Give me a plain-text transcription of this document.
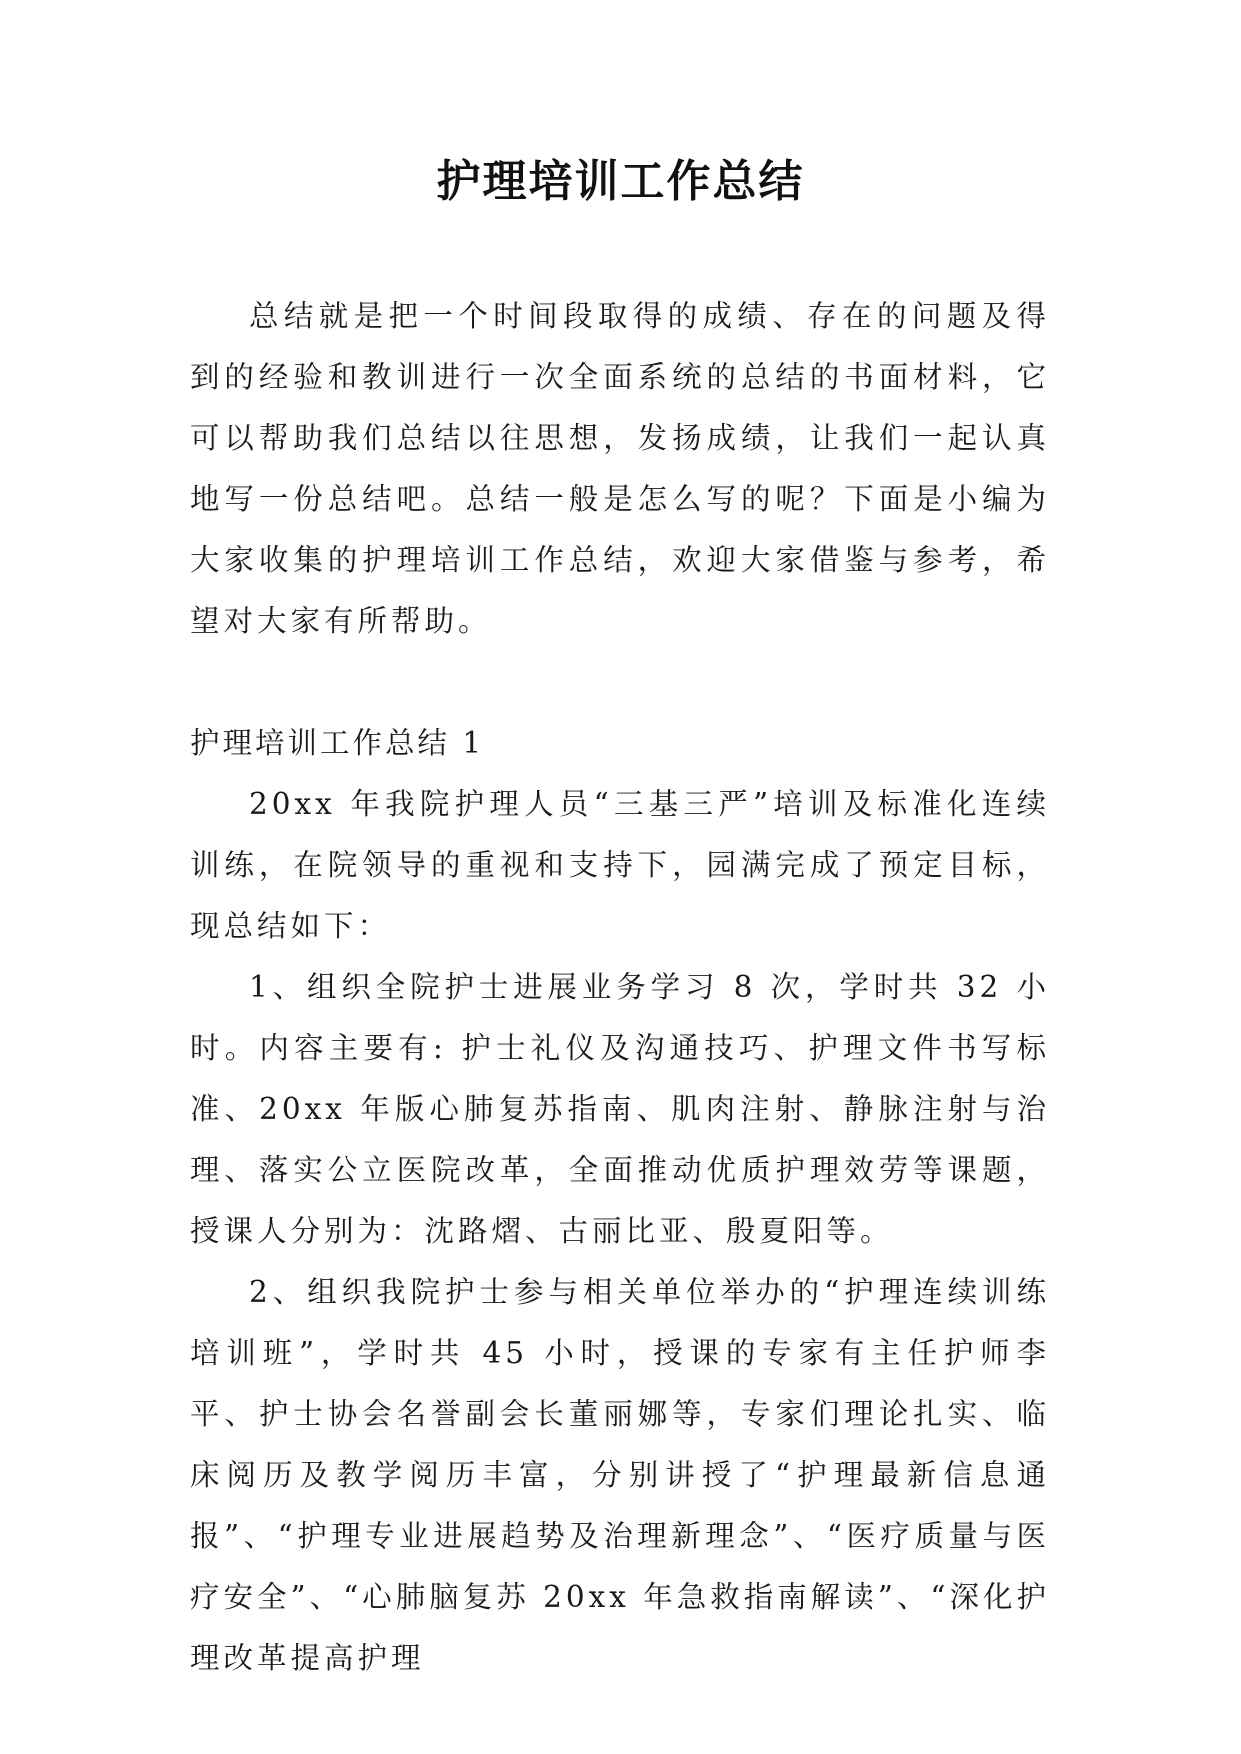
护理培训工作总结

总结就是把一个时间段取得的成绩、存在的问题及得到的经验和教训进行一次全面系统的总结的书面材料，它可以帮助我们总结以往思想，发扬成绩，让我们一起认真地写一份总结吧。总结一般是怎么写的呢？下面是小编为大家收集的护理培训工作总结，欢迎大家借鉴与参考，希望对大家有所帮助。

护理培训工作总结 1

20xx 年我院护理人员“三基三严”培训及标准化连续训练，在院领导的重视和支持下，园满完成了预定目标，现总结如下：

1、组织全院护士进展业务学习 8 次，学时共 32 小时。内容主要有: 护士礼仪及沟通技巧、护理文件书写标准、20xx 年版心肺复苏指南、肌肉注射、静脉注射与治理、落实公立医院改革，全面推动优质护理效劳等课题，授课人分别为：沈路熠、古丽比亚、殷夏阳等。

2、组织我院护士参与相关单位举办的“护理连续训练培训班”，学时共 45 小时，授课的专家有主任护师李平、护士协会名誉副会长董丽娜等，专家们理论扎实、临床阅历及教学阅历丰富，分别讲授了“护理最新信息通报”、“护理专业进展趋势及治理新理念”、“医疗质量与医疗安全”、“心肺脑复苏 20xx 年急救指南解读”、“深化护理改革提高护理
